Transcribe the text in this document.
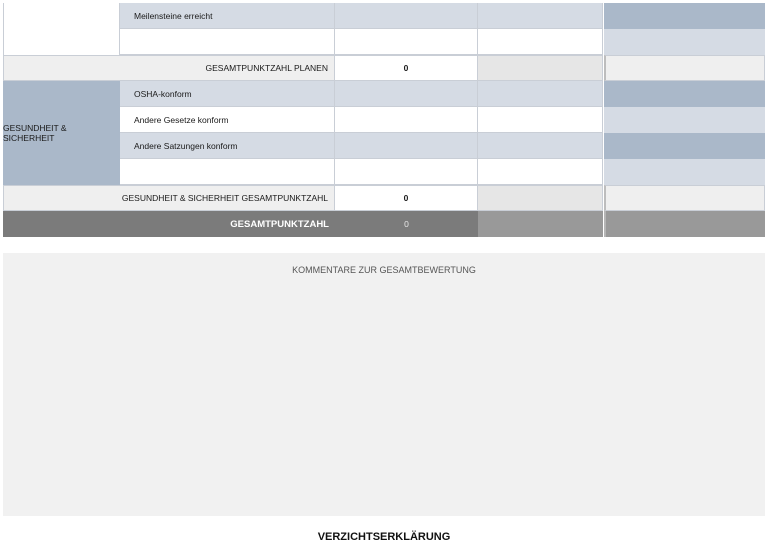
Meilensteine erreicht
GESAMTPUNKTZAHL PLANEN	0
GESUNDHEIT & SICHERHEIT
OSHA-konform
Andere Gesetze konform
Andere Satzungen konform
GESUNDHEIT & SICHERHEIT GESAMTPUNKTZAHL	0
GESAMTPUNKTZAHL	0
KOMMENTARE ZUR GESAMTBEWERTUNG
VERZICHTSERKLÄRUNG
